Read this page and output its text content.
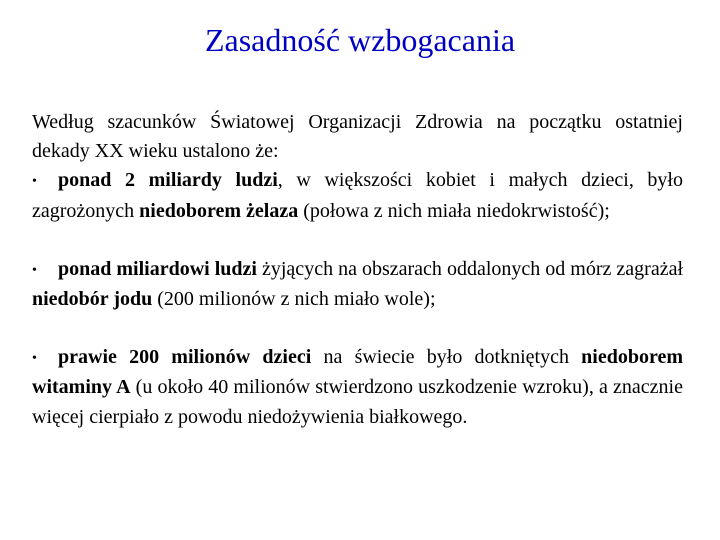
Zasadność wzbogacania

Według szacunków Światowej Organizacji Zdrowia na początku ostatniej dekady XX wieku ustalono że:

• ponad 2 miliardy ludzi, w większości kobiet i małych dzieci, było zagrożonych niedoborem żelaza (połowa z nich miała niedokrwistość);

• ponad miliardowi ludzi żyjących na obszarach oddalonych od mórz zagrażał niedobór jodu (200 milionów z nich miało wole);

• prawie 200 milionów dzieci na świecie było dotkniętych niedoborem witaminy A (u około 40 milionów stwierdzono uszkodzenie wzroku), a znacznie więcej cierpiało z powodu niedożywienia białkowego.
